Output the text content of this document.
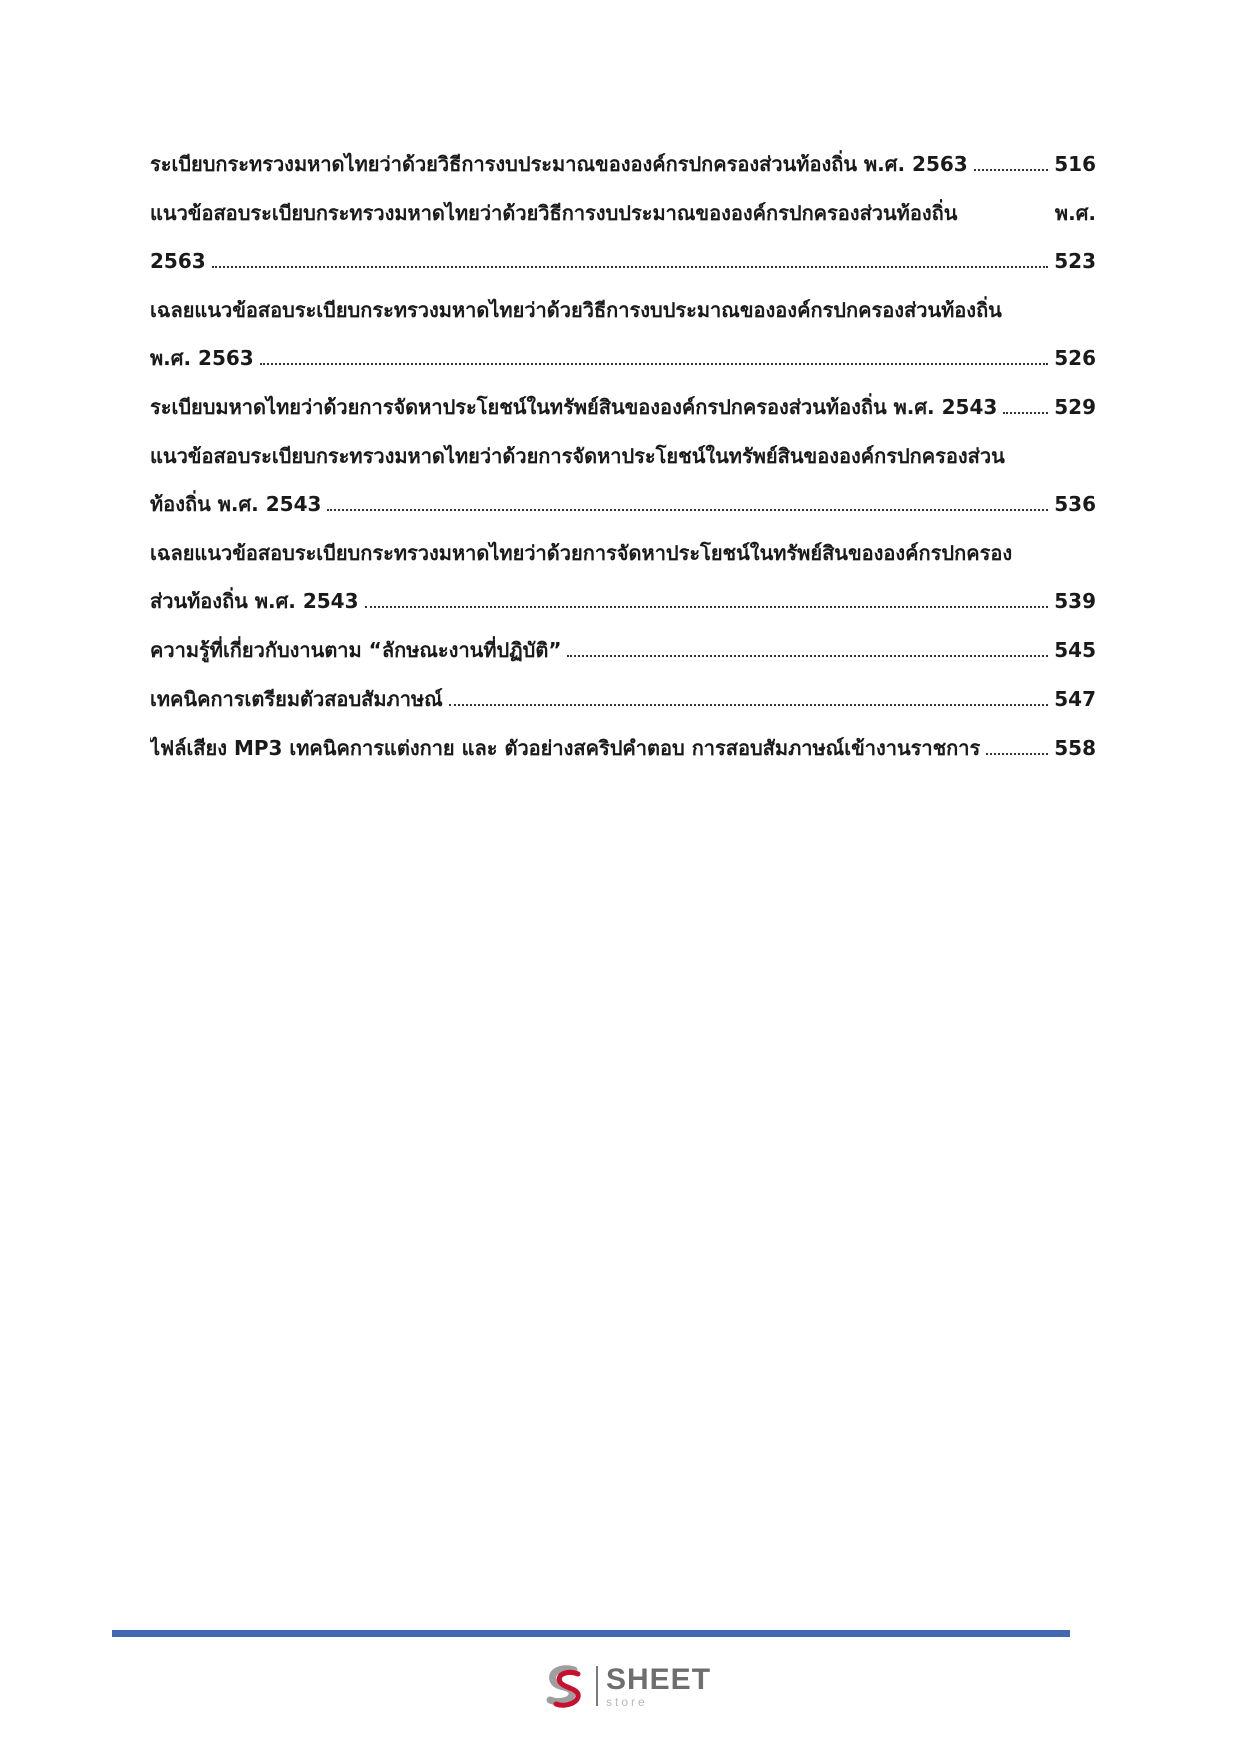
ระเบียบกระทรวงมหาดไทยว่าด้วยวิธีการงบประมาณขององค์กรปกครองส่วนท้องถิ่น พ.ศ. 2563	516
แนวข้อสอบระเบียบกระทรวงมหาดไทยว่าด้วยวิธีการงบประมาณขององค์กรปกครองส่วนท้องถิ่น พ.ศ.
2563	523
เฉลยแนวข้อสอบระเบียบกระทรวงมหาดไทยว่าด้วยวิธีการงบประมาณขององค์กรปกครองส่วนท้องถิ่น
พ.ศ. 2563	526
ระเบียบมหาดไทยว่าด้วยการจัดหาประโยชน์ในทรัพย์สินขององค์กรปกครองส่วนท้องถิ่น พ.ศ. 2543	529
แนวข้อสอบระเบียบกระทรวงมหาดไทยว่าด้วยการจัดหาประโยชน์ในทรัพย์สินขององค์กรปกครองส่วน
ท้องถิ่น พ.ศ. 2543	536
เฉลยแนวข้อสอบระเบียบกระทรวงมหาดไทยว่าด้วยการจัดหาประโยชน์ในทรัพย์สินขององค์กรปกครอง
ส่วนท้องถิ่น พ.ศ. 2543	539
ความรู้ที่เกี่ยวกับงานตาม “ลักษณะงานที่ปฏิบัติ”	545
เทคนิคการเตรียมตัวสอบสัมภาษณ์	547
ไฟล์เสียง MP3 เทคนิคการแต่งกาย และ ตัวอย่างสคริปคำตอบ การสอบสัมภาษณ์เข้างานราชการ	558
SHEET
store
